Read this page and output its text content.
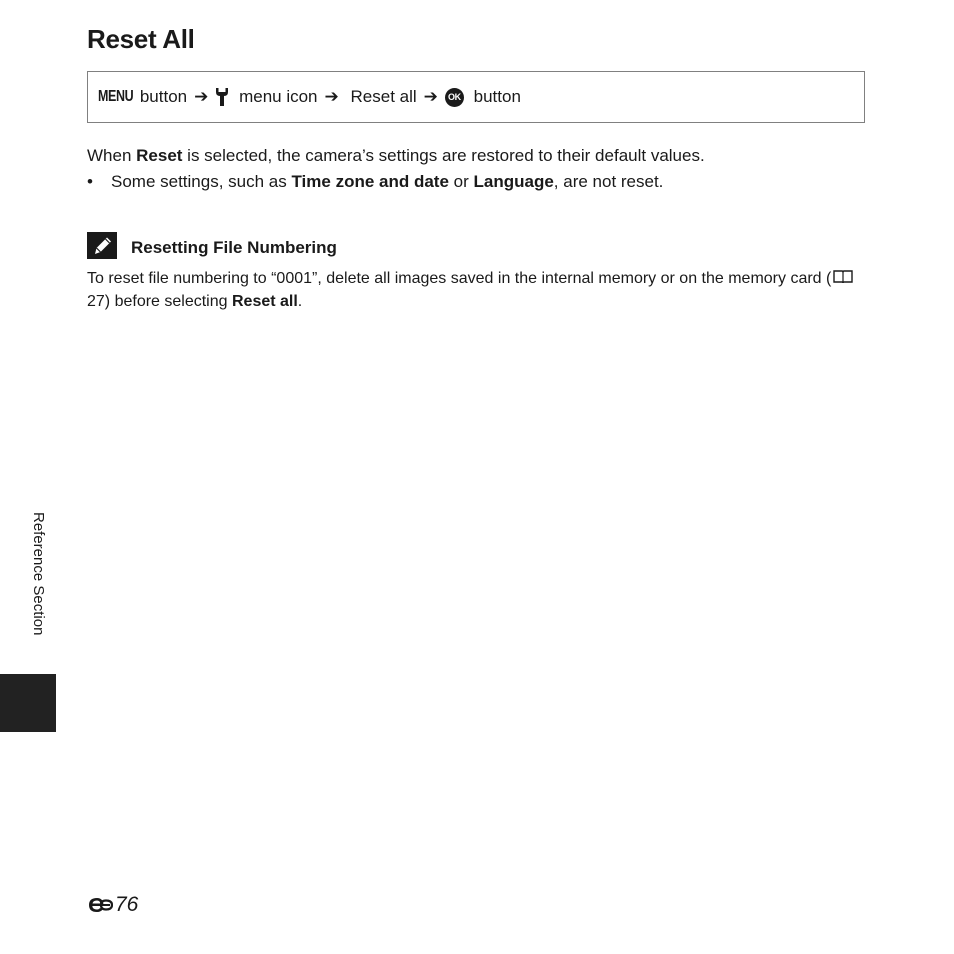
Reset All
MENU button ➔ menu icon ➔ Reset all ➔	OK button

When Reset is selected, the camera’s settings are restored to their default values.

• Some settings, such as Time zone and date or Language, are not reset.
Resetting File Numbering

To reset file numbering to “0001”, delete all images saved in the internal memory or on the memory card ( 27) before selecting Reset all.

Reference Section
76
